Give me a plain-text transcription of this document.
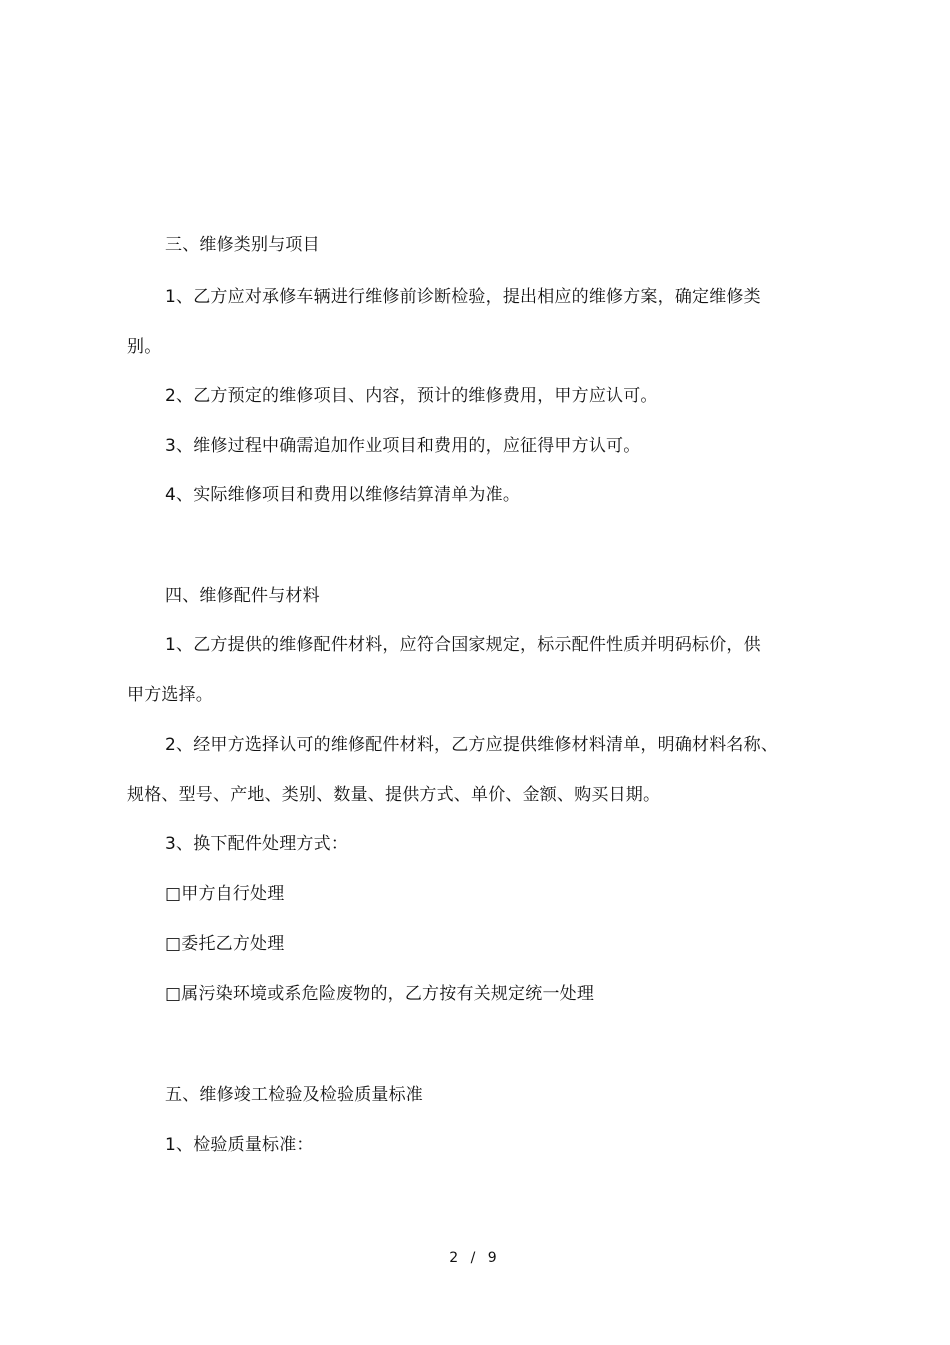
三、维修类别与项目
1、乙方应对承修车辆进行维修前诊断检验，提出相应的维修方案，确定维修类
别。
2、乙方预定的维修项目、内容，预计的维修费用，甲方应认可。
3、维修过程中确需追加作业项目和费用的，应征得甲方认可。
4、实际维修项目和费用以维修结算清单为准。
四、维修配件与材料
1、乙方提供的维修配件材料，应符合国家规定，标示配件性质并明码标价，供
甲方选择。
2、经甲方选择认可的维修配件材料，乙方应提供维修材料清单，明确材料名称、
规格、型号、产地、类别、数量、提供方式、单价、金额、购买日期。
3、换下配件处理方式：
□甲方自行处理
□委托乙方处理
□属污染环境或系危险废物的，乙方按有关规定统一处理
五、维修竣工检验及检验质量标准
1、检验质量标准：
2 / 9
